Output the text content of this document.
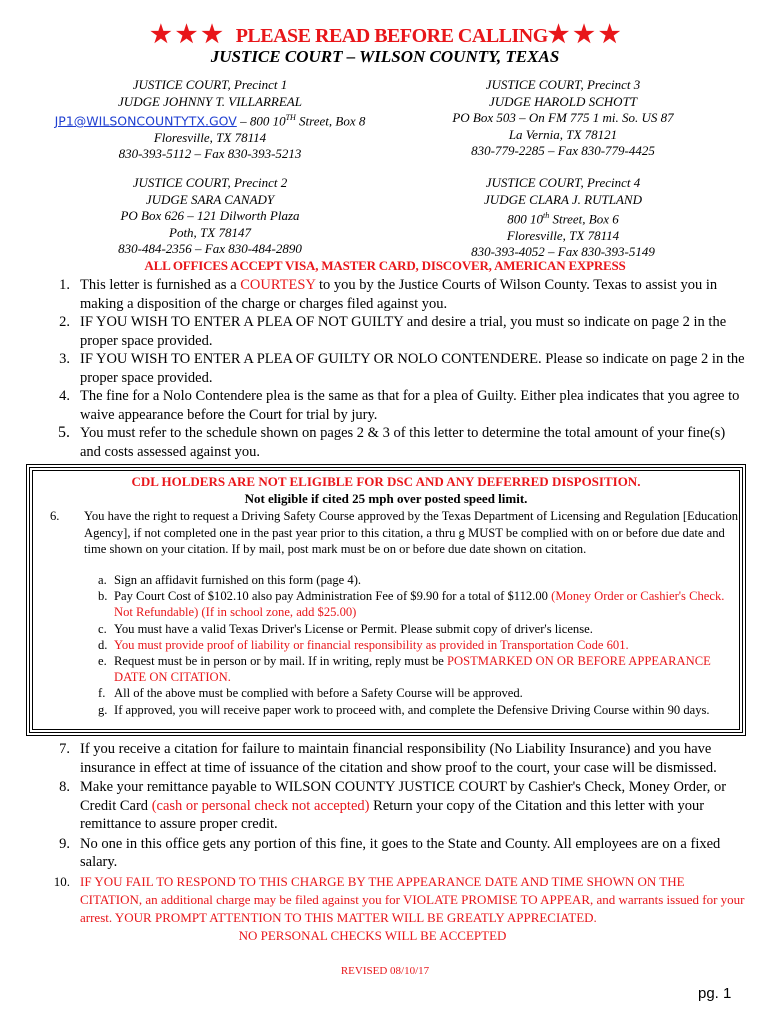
★ ★ ★ PLEASE READ BEFORE CALLING★ ★ ★
JUSTICE COURT – WILSON COUNTY, TEXAS
JUSTICE COURT, Precinct 1
JUDGE JOHNNY T. VILLARREAL
JP1@WILSONCOUNTYTX.GOV – 800 10TH Street, Box 8
Floresville, TX 78114
830-393-5112 – Fax 830-393-5213
JUSTICE COURT, Precinct 3
JUDGE HAROLD SCHOTT
PO Box 503 – On FM 775 1 mi. So. US 87
La Vernia, TX 78121
830-779-2285 – Fax 830-779-4425
JUSTICE COURT, Precinct 2
JUDGE SARA CANADY
PO Box 626 – 121 Dilworth Plaza
Poth, TX 78147
830-484-2356 – Fax 830-484-2890
JUSTICE COURT, Precinct 4
JUDGE CLARA J. RUTLAND
800 10th Street, Box 6
Floresville, TX 78114
830-393-4052 – Fax 830-393-5149
ALL OFFICES ACCEPT VISA, MASTER CARD, DISCOVER, AMERICAN EXPRESS
1. This letter is furnished as a COURTESY to you by the Justice Courts of Wilson County. Texas to assist you in making a disposition of the charge or charges filed against you.
2. IF YOU WISH TO ENTER A PLEA OF NOT GUILTY and desire a trial, you must so indicate on page 2 in the proper space provided.
3. IF YOU WISH TO ENTER A PLEA OF GUILTY OR NOLO CONTENDERE. Please so indicate on page 2 in the proper space provided.
4. The fine for a Nolo Contendere plea is the same as that for a plea of Guilty. Either plea indicates that you agree to waive appearance before the Court for trial by jury.
5. You must refer to the schedule shown on pages 2 & 3 of this letter to determine the total amount of your fine(s) and costs assessed against you.
CDL HOLDERS ARE NOT ELIGIBLE FOR DSC AND ANY DEFERRED DISPOSITION.
Not eligible if cited 25 mph over posted speed limit.
6. You have the right to request a Driving Safety Course approved by the Texas Department of Licensing and Regulation [Education Agency], if not completed one in the past year prior to this citation, a thru g MUST be complied with on or before due date and time shown on your citation. If by mail, post mark must be on or before due date shown on citation.
a. Sign an affidavit furnished on this form (page 4).
b. Pay Court Cost of $102.10 also pay Administration Fee of $9.90 for a total of $112.00 (Money Order or Cashier's Check. Not Refundable) (If in school zone, add $25.00)
c. You must have a valid Texas Driver's License or Permit. Please submit copy of driver's license.
d. You must provide proof of liability or financial responsibility as provided in Transportation Code 601.
e. Request must be in person or by mail. If in writing, reply must be POSTMARKED ON OR BEFORE APPEARANCE DATE ON CITATION.
f. All of the above must be complied with before a Safety Course will be approved.
g. If approved, you will receive paper work to proceed with, and complete the Defensive Driving Course within 90 days.
7. If you receive a citation for failure to maintain financial responsibility (No Liability Insurance) and you have insurance in effect at time of issuance of the citation and show proof to the court, your case will be dismissed.
8. Make your remittance payable to WILSON COUNTY JUSTICE COURT by Cashier's Check, Money Order, or Credit Card (cash or personal check not accepted) Return your copy of the Citation and this letter with your remittance to assure proper credit.
9. No one in this office gets any portion of this fine, it goes to the State and County. All employees are on a fixed salary.
10. IF YOU FAIL TO RESPOND TO THIS CHARGE BY THE APPEARANCE DATE AND TIME SHOWN ON THE CITATION, an additional charge may be filed against you for VIOLATE PROMISE TO APPEAR, and warrants issued for your arrest. YOUR PROMPT ATTENTION TO THIS MATTER WILL BE GREATLY APPRECIATED.
NO PERSONAL CHECKS WILL BE ACCEPTED
REVISED 08/10/17
pg. 1
